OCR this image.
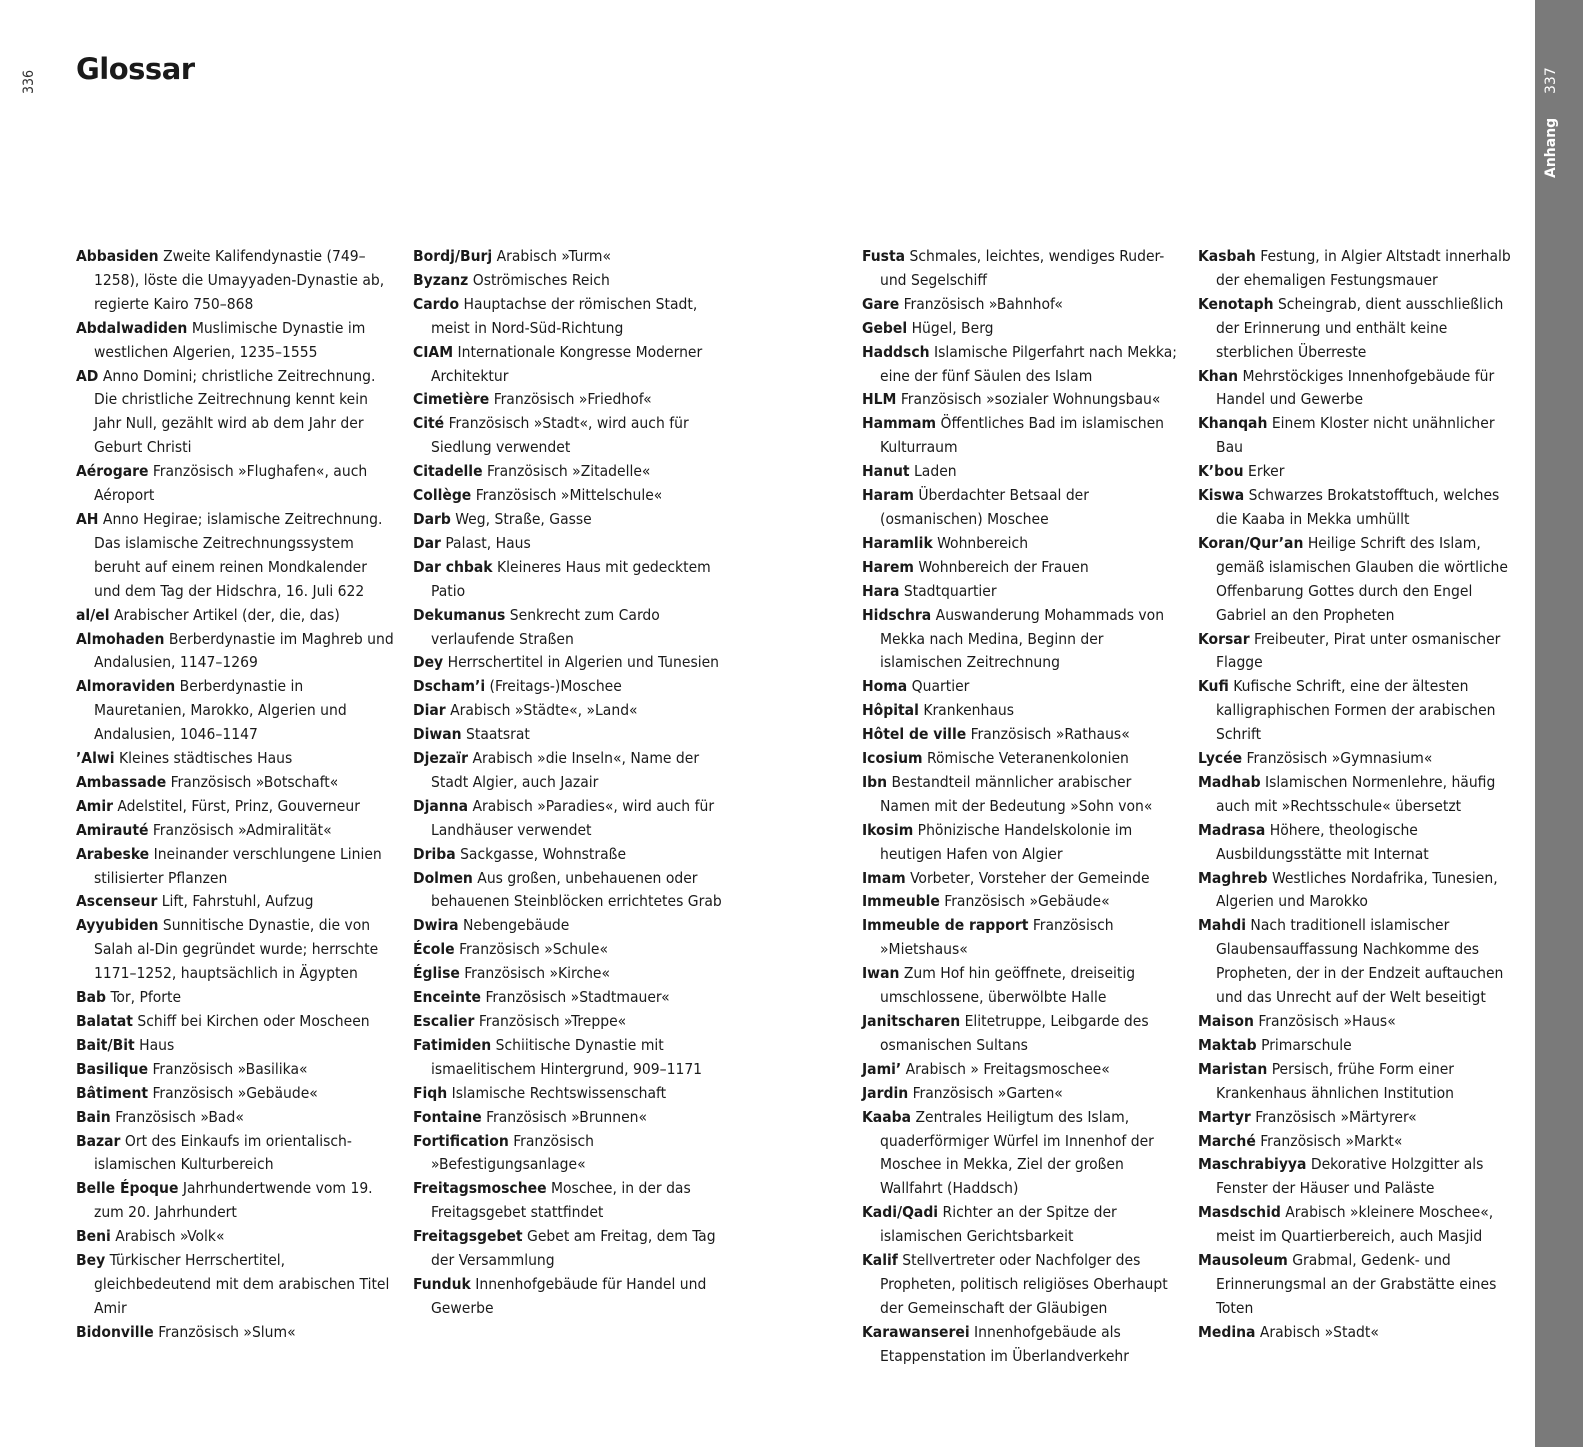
336 Glossar	337
Anhang
Abbasiden Zweite Kalifendynastie (749–1258), löste die Umayyaden-Dynastie ab, regierte Kairo 750–868
Abdalwadiden Muslimische Dynastie im westlichen Algerien, 1235–1555
AD Anno Domini; christliche Zeitrechnung. Die christliche Zeitrechnung kennt kein Jahr Null, gezählt wird ab dem Jahr der Geburt Christi
Aérogare Französisch »Flughafen«, auch Aéroport
AH Anno Hegirae; islamische Zeitrechnung. Das islamische Zeitrechnungssystem beruht auf einem reinen Mondkalender und dem Tag der Hidschra, 16. Juli 622
al/el Arabischer Artikel (der, die, das)
Almohaden Berberdynastie im Maghreb und Andalusien, 1147–1269
Almoraviden Berberdynastie in Mauretanien, Marokko, Algerien und Andalusien, 1046–1147
’Alwi Kleines städtisches Haus
Ambassade Französisch »Botschaft«
Amir Adelstitel, Fürst, Prinz, Gouverneur
Amirauté Französisch »Admiralität«
Arabeske Ineinander verschlungene Linien stilisierter Pflanzen
Ascenseur Lift, Fahrstuhl, Aufzug
Ayyubiden Sunnitische Dynastie, die von Salah al-Din gegründet wurde; herrschte 1171–1252, hauptsächlich in Ägypten
Bab Tor, Pforte
Balatat Schiff bei Kirchen oder Moscheen
Bait/Bit Haus
Basilique Französisch »Basilika«
Bâtiment Französisch »Gebäude«
Bain Französisch »Bad«
Bazar Ort des Einkaufs im orientalisch-islamischen Kulturbereich
Belle Époque Jahrhundertwende vom 19. zum 20. Jahrhundert
Beni Arabisch »Volk«
Bey Türkischer Herrschertitel, gleichbedeutend mit dem arabischen Titel Amir
Bidonville Französisch »Slum«
Bordj/Burj Arabisch »Turm«
Byzanz Oströmisches Reich
Cardo Hauptachse der römischen Stadt, meist in Nord-Süd-Richtung
CIAM Internationale Kongresse Moderner Architektur
Cimetière Französisch »Friedhof«
Cité Französisch »Stadt«, wird auch für Siedlung verwendet
Citadelle Französisch »Zitadelle«
Collège Französisch »Mittelschule«
Darb Weg, Straße, Gasse
Dar Palast, Haus
Dar chbak Kleineres Haus mit gedecktem Patio
Dekumanus Senkrecht zum Cardo verlaufende Straßen
Dey Herrschertitel in Algerien und Tunesien
Dscham’i (Freitags-)Moschee
Diar Arabisch »Städte«, »Land«
Diwan Staatsrat
Djezaïr Arabisch »die Inseln«, Name der Stadt Algier, auch Jazair
Djanna Arabisch »Paradies«, wird auch für Landhäuser verwendet
Driba Sackgasse, Wohnstraße
Dolmen Aus großen, unbehauenen oder behauenen Steinblöcken errichtetes Grab
Dwira Nebengebäude
École Französisch »Schule«
Église Französisch »Kirche«
Enceinte Französisch »Stadtmauer«
Escalier Französisch »Treppe«
Fatimiden Schiitische Dynastie mit ismaelitischem Hintergrund, 909–1171
Fiqh Islamische Rechtswissenschaft
Fontaine Französisch »Brunnen«
Fortification Französisch »Befestigungsanlage«
Freitagsmoschee Moschee, in der das Freitagsgebet stattfindet
Freitagsgebet Gebet am Freitag, dem Tag der Versammlung
Funduk Innenhofgebäude für Handel und Gewerbe
Fusta Schmales, leichtes, wendiges Ruder- und Segelschiff
Gare Französisch »Bahnhof«
Gebel Hügel, Berg
Haddsch Islamische Pilgerfahrt nach Mekka; eine der fünf Säulen des Islam
HLM Französisch »sozialer Wohnungsbau«
Hammam Öffentliches Bad im islamischen Kulturraum
Hanut Laden
Haram Überdachter Betsaal der (osmanischen) Moschee
Haramlik Wohnbereich
Harem Wohnbereich der Frauen
Hara Stadtquartier
Hidschra Auswanderung Mohammads von Mekka nach Medina, Beginn der islamischen Zeitrechnung
Homa Quartier
Hôpital Krankenhaus
Hôtel de ville Französisch »Rathaus«
Icosium Römische Veteranenkolonien
Ibn Bestandteil männlicher arabischer Namen mit der Bedeutung »Sohn von«
Ikosim Phönizische Handelskolonie im heutigen Hafen von Algier
Imam Vorbeter, Vorsteher der Gemeinde
Immeuble Französisch »Gebäude«
Immeuble de rapport Französisch »Mietshaus«
Iwan Zum Hof hin geöffnete, dreiseitig umschlossene, überwölbte Halle
Janitscharen Elitetruppe, Leibgarde des osmanischen Sultans
Jami’ Arabisch » Freitagsmoschee«
Jardin Französisch »Garten«
Kaaba Zentrales Heiligtum des Islam, quaderförmiger Würfel im Innenhof der Moschee in Mekka, Ziel der großen Wallfahrt (Haddsch)
Kadi/Qadi Richter an der Spitze der islamischen Gerichtsbarkeit
Kalif Stellvertreter oder Nachfolger des Propheten, politisch religiöses Oberhaupt der Gemeinschaft der Gläubigen
Karawanserei Innenhofgebäude als Etappenstation im Überlandverkehr
Kasbah Festung, in Algier Altstadt innerhalb der ehemaligen Festungsmauer
Kenotaph Scheingrab, dient ausschließlich der Erinnerung und enthält keine sterblichen Überreste
Khan Mehrstöckiges Innenhofgebäude für Handel und Gewerbe
Khanqah Einem Kloster nicht unähnlicher Bau
K’bou Erker
Kiswa Schwarzes Brokatstofftuch, welches die Kaaba in Mekka umhüllt
Koran/Qur’an Heilige Schrift des Islam, gemäß islamischen Glauben die wörtliche Offenbarung Gottes durch den Engel Gabriel an den Propheten
Korsar Freibeuter, Pirat unter osmanischer Flagge
Kufi Kufische Schrift, eine der ältesten kalligraphischen Formen der arabischen Schrift
Lycée Französisch »Gymnasium«
Madhab Islamischen Normenlehre, häufig auch mit »Rechtsschule« übersetzt
Madrasa Höhere, theologische Ausbildungsstätte mit Internat
Maghreb Westliches Nordafrika, Tunesien, Algerien und Marokko
Mahdi Nach traditionell islamischer Glaubensauffassung Nachkomme des Propheten, der in der Endzeit auftauchen und das Unrecht auf der Welt beseitigt
Maison Französisch »Haus«
Maktab Primarschule
Maristan Persisch, frühe Form einer Krankenhaus ähnlichen Institution
Martyr Französisch »Märtyrer«
Marché Französisch »Markt«
Maschrabiyya Dekorative Holzgitter als Fenster der Häuser und Paläste
Masdschid Arabisch »kleinere Moschee«, meist im Quartierbereich, auch Masjid
Mausoleum Grabmal, Gedenk- und Erinnerungsmal an der Grabstätte eines Toten
Medina Arabisch »Stadt«
